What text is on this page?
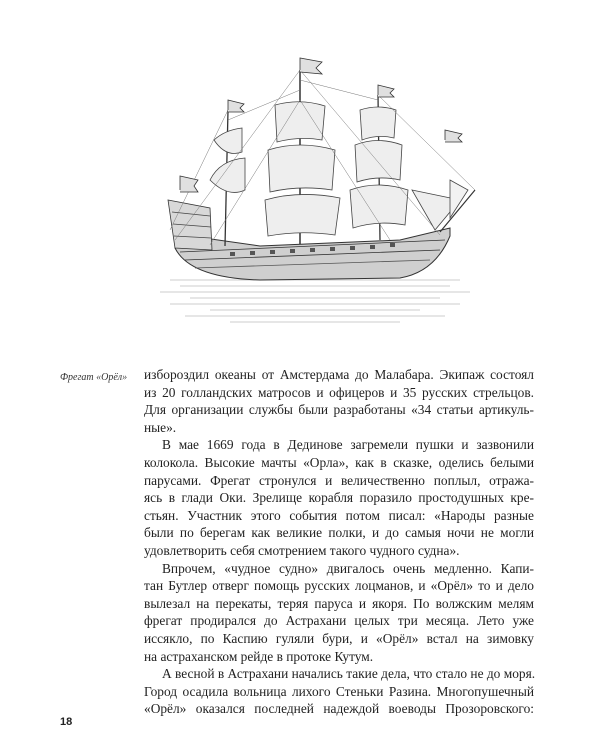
Фрегат «Орёл»	избороздил океаны от Амстердама до Малабара. Экипаж состоял
из 20 голландских матросов и офицеров и 35 русских стрельцов.
Для организации службы были разработаны «34 статьи артикуль-
ные».
В мае 1669 года в Дединове загремели пушки и зазвонили
колокола. Высокие мачты «Орла», как в сказке, оделись белыми
парусами. Фрегат стронулся и величественно поплыл, отража-
ясь в глади Оки. Зрелище корабля поразило простодушных кре-
стьян. Участник этого события потом писал: «Народы разные
были по берегам как великие полки, и до самыя ночи не могли
удовлетворить себя смотрением такого чудного судна».
Впрочем, «чудное судно» двигалось очень медленно. Капи-
тан Бутлер отверг помощь русских лоцманов, и «Орёл» то и дело
вылезал на перекаты, теряя паруса и якоря. По волжским мелям
фрегат продирался до Астрахани целых три месяца. Лето уже
иссякло, по Каспию гуляли бури, и «Орёл» встал на зимовку
на астраханском рейде в протоке Кутум.
А весной в Астрахани начались такие дела, что стало не до моря.
Город осадила вольница лихого Стеньки Разина. Многопушечный
«Орёл» оказался последней надеждой воеводы Прозоровского:
18
